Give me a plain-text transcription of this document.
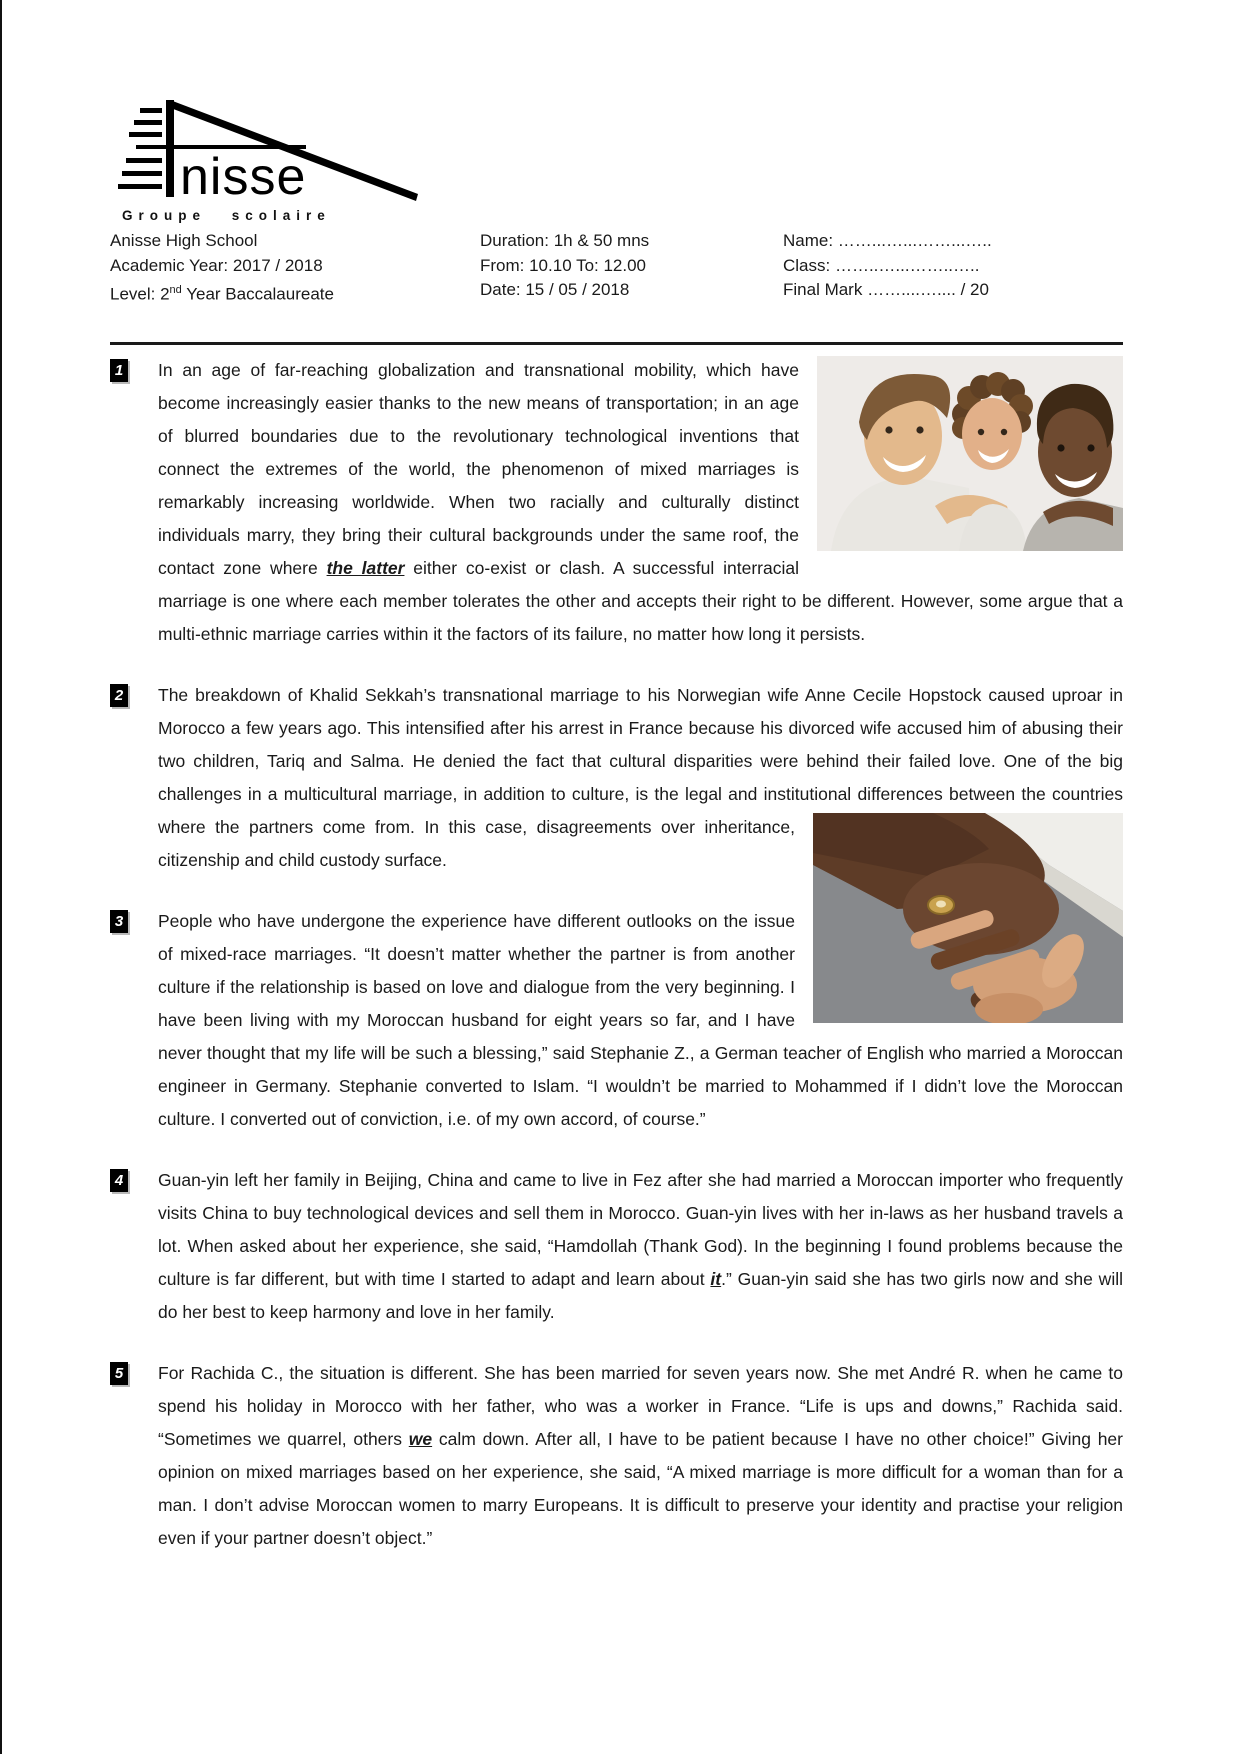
nisse
Groupe scolaire
Anisse High School
Academic Year: 2017 / 2018
Level: 2nd Year Baccalaureate
Duration: 1h & 50 mns
From: 10.10 To: 12.00
Date: 15 / 05 / 2018
Name: ……...…...……...…..
Class: ……..…...……..…..
Final Mark ……....….... / 20
1 In an age of far-reaching globalization and transnational mobility, which have become increasingly easier thanks to the new means of transportation; in an age of blurred boundaries due to the revolutionary technological inventions that connect the extremes of the world, the phenomenon of mixed marriages is remarkably increasing worldwide. When two racially and culturally distinct individuals marry, they bring their cultural backgrounds under the same roof, the contact zone where the latter either co-exist or clash. A successful interracial marriage is one where each member tolerates the other and accepts their right to be different. However, some argue that a multi-ethnic marriage carries within it the factors of its failure, no matter how long it persists.
2 The breakdown of Khalid Sekkah’s transnational marriage to his Norwegian wife Anne Cecile Hopstock caused uproar in Morocco a few years ago. This intensified after his arrest in France because his divorced wife accused him of abusing their two children, Tariq and Salma. He denied the fact that cultural disparities were behind their failed love. One of the big challenges in a multicultural marriage, in addition to culture, is the legal and institutional differences between the countries where the partners come from. In this case, disagreements over inheritance, citizenship and child custody surface.
3 People who have undergone the experience have different outlooks on the issue of mixed-race marriages. “It doesn’t matter whether the partner is from another culture if the relationship is based on love and dialogue from the very beginning. I have been living with my Moroccan husband for eight years so far, and I have never thought that my life will be such a blessing,” said Stephanie Z., a German teacher of English who married a Moroccan engineer in Germany. Stephanie converted to Islam. “I wouldn’t be married to Mohammed if I didn’t love the Moroccan culture. I converted out of conviction, i.e. of my own accord, of course.”
4 Guan-yin left her family in Beijing, China and came to live in Fez after she had married a Moroccan importer who frequently visits China to buy technological devices and sell them in Morocco. Guan-yin lives with her in-laws as her husband travels a lot. When asked about her experience, she said, “Hamdollah (Thank God). In the beginning I found problems because the culture is far different, but with time I started to adapt and learn about it.” Guan-yin said she has two girls now and she will do her best to keep harmony and love in her family.
5 For Rachida C., the situation is different. She has been married for seven years now. She met André R. when he came to spend his holiday in Morocco with her father, who was a worker in France. “Life is ups and downs,” Rachida said. “Sometimes we quarrel, others we calm down. After all, I have to be patient because I have no other choice!” Giving her opinion on mixed marriages based on her experience, she said, “A mixed marriage is more difficult for a woman than for a man. I don’t advise Moroccan women to marry Europeans. It is difficult to preserve your identity and practise your religion even if your partner doesn’t object.”
